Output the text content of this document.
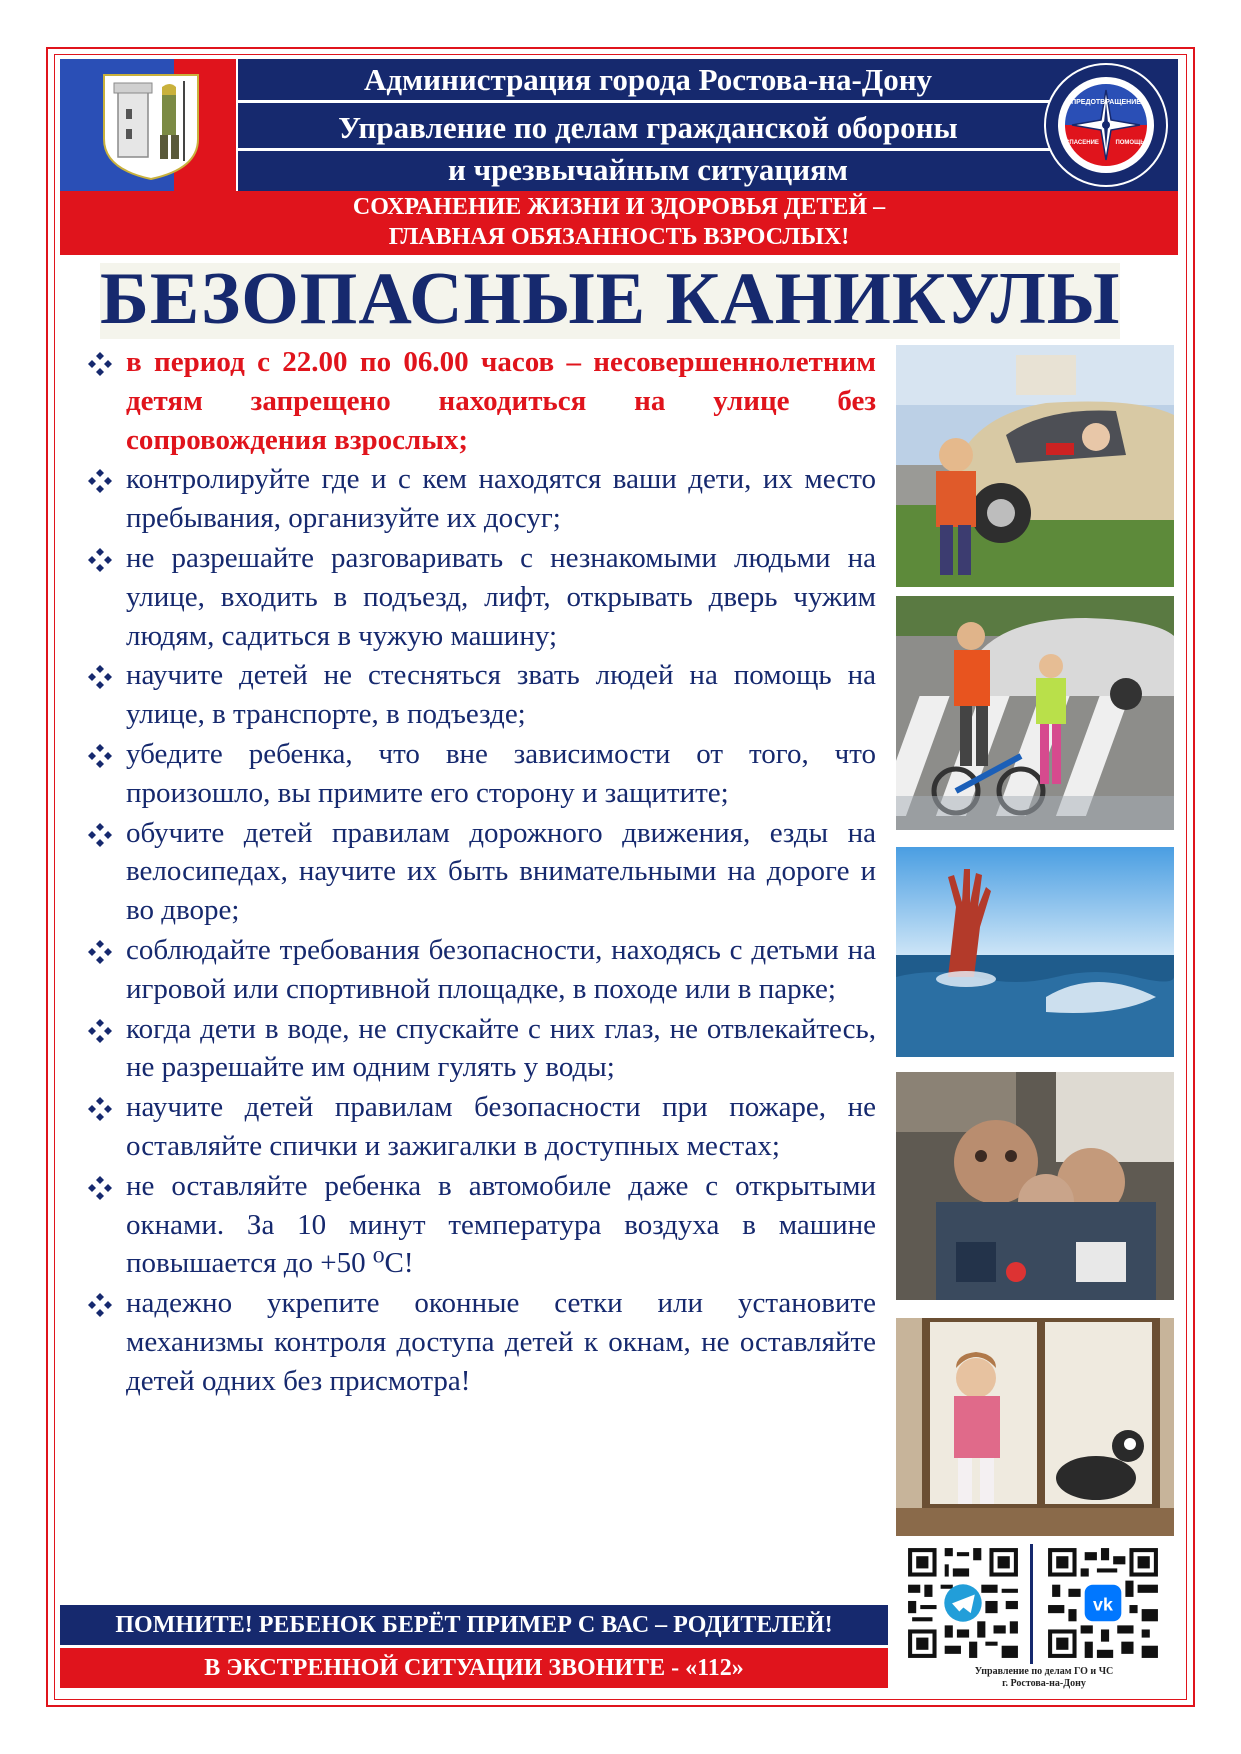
Администрация города Ростова-на-Дону
Управление по делам гражданской обороны
и чрезвычайным ситуациям
ПРЕДОТВРАЩЕНИЕ
СПАСЕНИЕ	ПОМОЩЬ
СОХРАНЕНИЕ ЖИЗНИ И ЗДОРОВЬЯ ДЕТЕЙ –
ГЛАВНАЯ ОБЯЗАННОСТЬ ВЗРОСЛЫХ!
БЕЗОПАСНЫЕ КАНИКУЛЫ
в период с 22.00 по 06.00 часов – несовершеннолетним детям запрещено находиться на улице без сопровождения взрослых;
контролируйте где и с кем находятся ваши дети, их место пребывания, организуйте их досуг;
не разрешайте разговаривать с незнакомыми людьми на улице, входить в подъезд, лифт, открывать дверь чужим людям, садиться в чужую машину;
научите детей не стесняться звать людей на помощь на улице, в транспорте, в подъезде;
убедите ребенка, что вне зависимости от того, что произошло, вы примите его сторону и защитите;
обучите детей правилам дорожного движения, езды на велосипедах, научите их быть внимательными на дороге и во дворе;
соблюдайте требования безопасности, находясь с детьми на игровой или спортивной площадке, в походе или в парке;
когда дети в воде, не спускайте с них глаз, не отвлекайтесь, не разрешайте им одним гулять у воды;
научите детей правилам безопасности при пожаре, не оставляйте спички и зажигалки в доступных местах;
не оставляйте ребенка в автомобиле даже с открытыми окнами. За 10 минут температура воздуха в машине повышается до +50 ⁰С!
надежно укрепите оконные сетки или установите механизмы контроля доступа детей к окнам, не оставляйте детей одних без присмотра!
vk
Управление по делам ГО и ЧС
г. Ростова-на-Дону
ПОМНИТЕ! РЕБЕНОК БЕРЁТ ПРИМЕР С ВАС – РОДИТЕЛЕЙ!
В ЭКСТРЕННОЙ СИТУАЦИИ ЗВОНИТЕ - «112»
